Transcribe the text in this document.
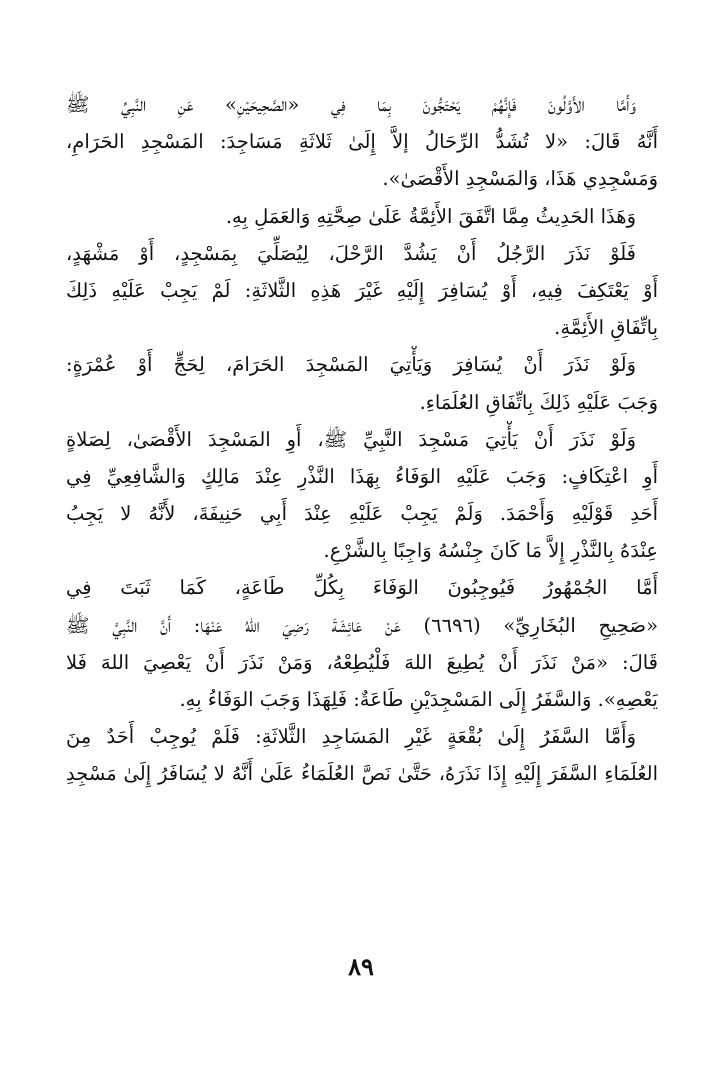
وَأَمَّا الأَوَّلُونَ فَإِنَّهُمْ يَحْتَجُّونَ بِمَا فِي «الصَّحِيحَيْنِ» عَنِ النَّبِيِّ ﷺ
أَنَّهُ قَالَ: «لا تُشَدُّ الرِّحَالُ إلاَّ إِلَىٰ ثَلاثَةِ مَسَاجِدَ: المَسْجِدِ الحَرَامِ،
وَمَسْجِدِي هَذَا، وَالمَسْجِدِ الأَقْصَىٰ».
وَهَذَا الحَدِيثُ مِمَّا اتَّفَقَ الأَئِمَّةُ عَلَىٰ صِحَّتِهِ وَالعَمَلِ بِهِ.
فَلَوْ نَذَرَ الرَّجُلُ أَنْ يَشُدَّ الرَّحْلَ، لِيُصَلِّيَ بِمَسْجِدٍ، أَوْ مَشْهَدٍ،
أَوْ يَعْتَكِفَ فِيهِ، أَوْ يُسَافِرَ إِلَيْهِ غَيْرَ هَذِهِ الثَّلاثَةِ: لَمْ يَجِبْ عَلَيْهِ ذَلِكَ
بِاتِّفَاقِ الأَئِمَّةِ.
وَلَوْ نَذَرَ أَنْ يُسَافِرَ وَيَأْتِيَ المَسْجِدَ الحَرَامَ، لِحَجٍّ أَوْ عُمْرَةٍ:
وَجَبَ عَلَيْهِ ذَلِكَ بِاتِّفَاقِ العُلَمَاءِ.
وَلَوْ نَذَرَ أَنْ يَأْتِيَ مَسْجِدَ النَّبِيِّ ﷺ، أَوِ المَسْجِدَ الأَقْصَىٰ، لِصَلاةٍ
أَوِ اعْتِكَافٍ: وَجَبَ عَلَيْهِ الوَفَاءُ بِهَذَا النَّذْرِ عِنْدَ مَالِكٍ وَالشَّافِعِيِّ فِي
أَحَدِ قَوْلَيْهِ وَأَحْمَدَ. وَلَمْ يَجِبْ عَلَيْهِ عِنْدَ أَبِي حَنِيفَةَ، لأَنَّهُ لا يَجِبُ
عِنْدَهُ بِالنَّذْرِ إِلاَّ مَا كَانَ جِنْسُهُ وَاجِبًا بِالشَّرْعِ.
أَمَّا الجُمْهُورُ فَيُوجِبُونَ الوَفَاءَ بِكُلِّ طَاعَةٍ، كَمَا ثَبَتَ فِي
«صَحِيحِ البُخَارِيِّ» (٦٦٩٦) عَنْ عَائِشَةَ رَضِيَ اللهُ عَنْهَا: أَنَّ النَّبِيَّ ﷺ
قَالَ: «مَنْ نَذَرَ أَنْ يُطِيعَ اللهَ فَلْيُطِعْهُ، وَمَنْ نَذَرَ أَنْ يَعْصِيَ اللهَ فَلا
يَعْصِهِ». وَالسَّفَرُ إِلَى المَسْجِدَيْنِ طَاعَةٌ: فَلِهَذَا وَجَبَ الوَفَاءُ بِهِ.
وَأَمَّا السَّفَرُ إِلَىٰ بُقْعَةٍ غَيْرِ المَسَاجِدِ الثَّلاثَةِ: فَلَمْ يُوجِبْ أَحَدٌ مِنَ
العُلَمَاءِ السَّفَرَ إِلَيْهِ إِذَا نَذَرَهُ، حَتَّىٰ نَصَّ العُلَمَاءُ عَلَىٰ أَنَّهُ لا يُسَافَرُ إِلَىٰ مَسْجِدِ
٨٩
